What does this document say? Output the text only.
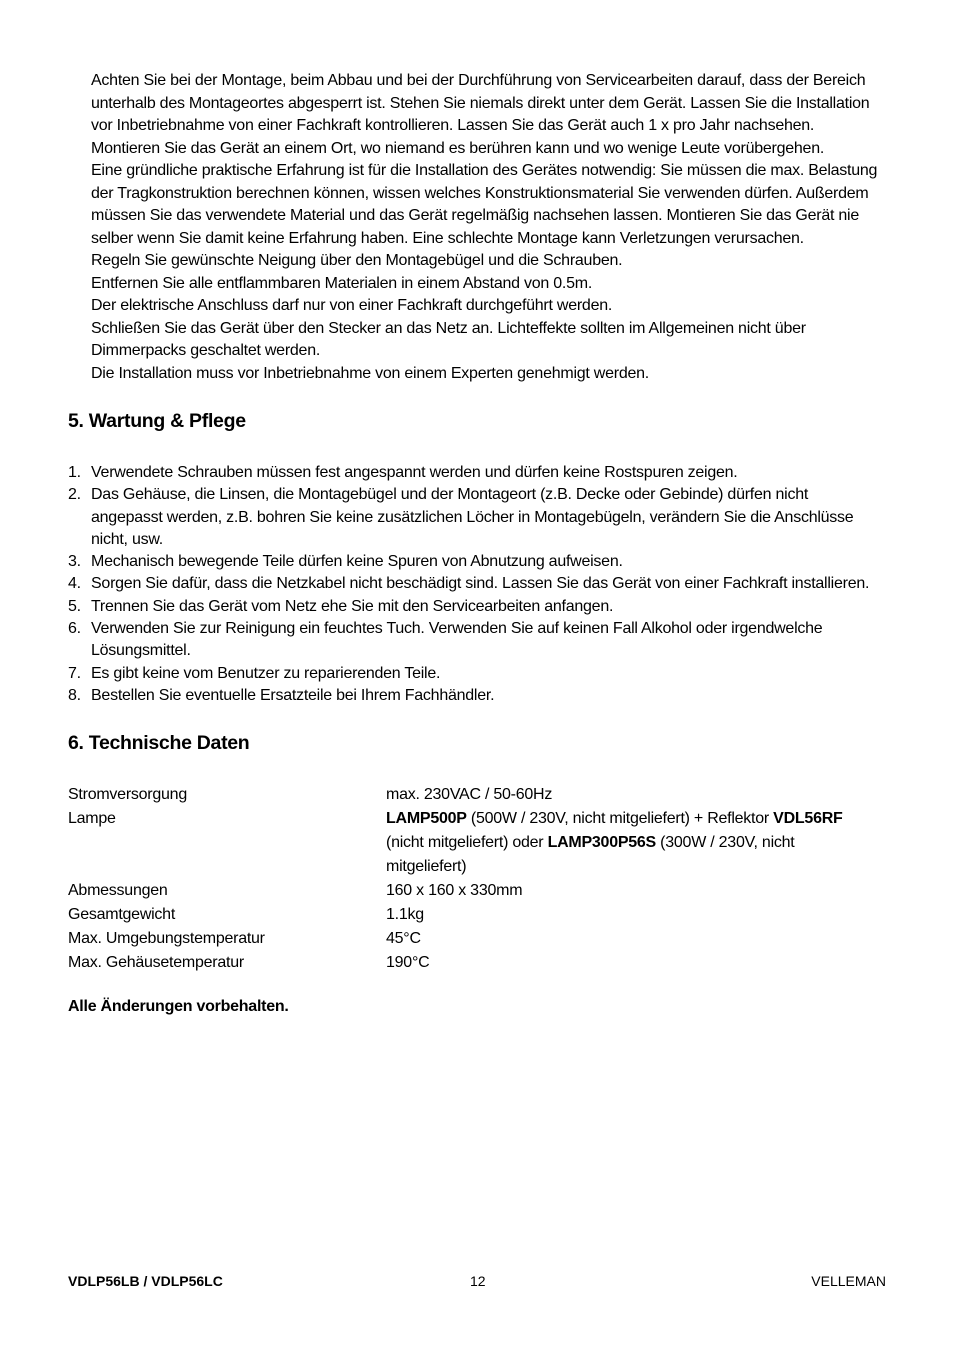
Achten Sie bei der Montage, beim Abbau und bei der Durchführung von Servicearbeiten darauf, dass der Bereich unterhalb des Montageortes abgesperrt ist. Stehen Sie niemals direkt unter dem Gerät. Lassen Sie die Installation vor Inbetriebnahme von einer Fachkraft kontrollieren. Lassen Sie das Gerät auch 1 x pro Jahr nachsehen.

Montieren Sie das Gerät an einem Ort, wo niemand es berühren kann und wo wenige Leute vorübergehen.

Eine gründliche praktische Erfahrung ist für die Installation des Gerätes notwendig: Sie müssen die max. Belastung der Tragkonstruktion berechnen können, wissen welches Konstruktionsmaterial Sie verwenden dürfen. Außerdem müssen Sie das verwendete Material und das Gerät regelmäßig nachsehen lassen. Montieren Sie das Gerät nie selber wenn Sie damit keine Erfahrung haben. Eine schlechte Montage kann Verletzungen verursachen.

Regeln Sie gewünschte Neigung über den Montagebügel und die Schrauben.

Entfernen Sie alle entflammbaren Materialen in einem Abstand von 0.5m.

Der elektrische Anschluss darf nur von einer Fachkraft durchgeführt werden.

Schließen Sie das Gerät über den Stecker an das Netz an. Lichteffekte sollten im Allgemeinen nicht über Dimmerpacks geschaltet werden.

Die Installation muss vor Inbetriebnahme von einem Experten genehmigt werden.

5. Wartung & Pflege
1. Verwendete Schrauben müssen fest angespannt werden und dürfen keine Rostspuren zeigen.
2. Das Gehäuse, die Linsen, die Montagebügel und der Montageort (z.B. Decke oder Gebinde) dürfen nicht angepasst werden, z.B. bohren Sie keine zusätzlichen Löcher in Montagebügeln, verändern Sie die Anschlüsse nicht, usw.
3. Mechanisch bewegende Teile dürfen keine Spuren von Abnutzung aufweisen.
4. Sorgen Sie dafür, dass die Netzkabel nicht beschädigt sind. Lassen Sie das Gerät von einer Fachkraft installieren.
5. Trennen Sie das Gerät vom Netz ehe Sie mit den Servicearbeiten anfangen.
6. Verwenden Sie zur Reinigung ein feuchtes Tuch. Verwenden Sie auf keinen Fall Alkohol oder irgendwelche Lösungsmittel.
7. Es gibt keine vom Benutzer zu reparierenden Teile.
8. Bestellen Sie eventuelle Ersatzteile bei Ihrem Fachhändler.
6. Technische Daten
Stromversorgung	max. 230VAC / 50-60Hz
Lampe	LAMP500P (500W / 230V, nicht mitgeliefert) + Reflektor VDL56RF (nicht mitgeliefert) oder LAMP300P56S (300W / 230V, nicht mitgeliefert)
Abmessungen	160 x 160 x 330mm
Gesamtgewicht	1.1kg
Max. Umgebungstemperatur	45°C
Max. Gehäusetemperatur	190°C
Alle Änderungen vorbehalten.
VDLP56LB / VDLP56LC	12	VELLEMAN
